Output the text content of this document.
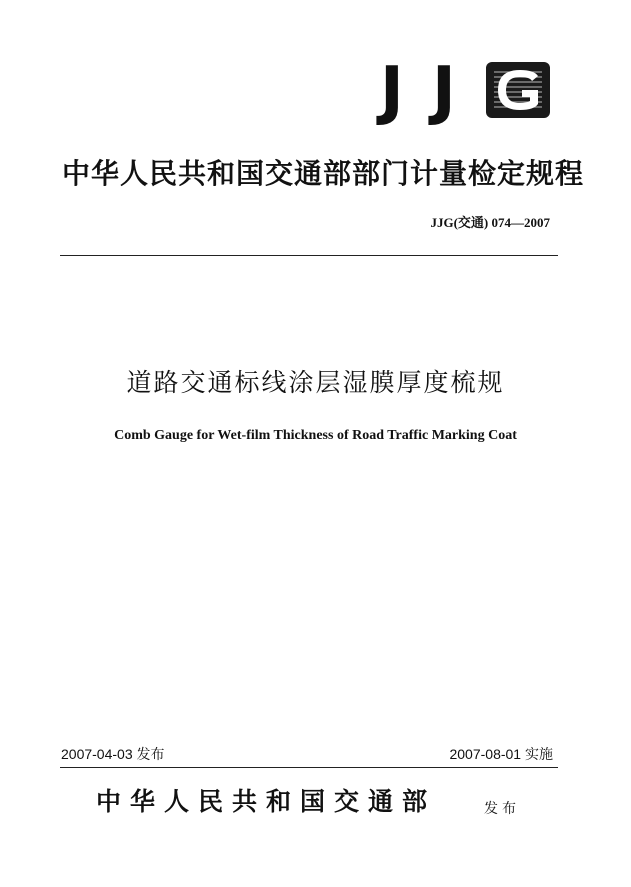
J J
中华人民共和国交通部部门计量检定规程
JJG(交通) 074—2007
道路交通标线涂层湿膜厚度梳规
Comb Gauge for Wet-film Thickness of Road Traffic Marking Coat
2007-04-03 发布	2007-08-01 实施
中华人民共和国交通部	发布
